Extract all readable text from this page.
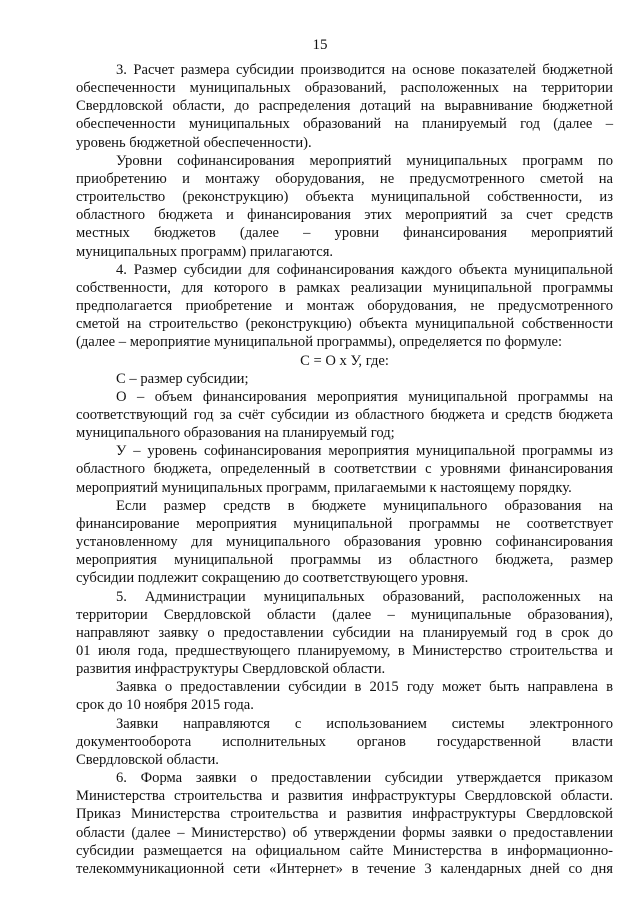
15
3. Расчет размера субсидии производится на основе показателей бюджетной
обеспеченности муниципальных образований, расположенных на территории
Свердловской области, до распределения дотаций на выравнивание бюджетной
обеспеченности муниципальных образований на планируемый год (далее –
уровень бюджетной обеспеченности).
Уровни софинансирования мероприятий муниципальных программ по
приобретению и монтажу оборудования, не предусмотренного сметой на
строительство (реконструкцию) объекта муниципальной собственности, из
областного бюджета и финансирования этих мероприятий за счет средств
местных бюджетов (далее – уровни финансирования мероприятий
муниципальных программ) прилагаются.
4. Размер субсидии для софинансирования каждого объекта муниципальной
собственности, для которого в рамках реализации муниципальной программы
предполагается приобретение и монтаж оборудования, не предусмотренного
сметой на строительство (реконструкцию) объекта муниципальной собственности
(далее – мероприятие муниципальной программы), определяется по формуле:
С = О х У, где:
С – размер субсидии;
О – объем финансирования мероприятия муниципальной программы на
соответствующий год за счёт субсидии из областного бюджета и средств бюджета
муниципального образования на планируемый год;
У – уровень софинансирования мероприятия муниципальной программы из
областного бюджета, определенный в соответствии с уровнями финансирования
мероприятий муниципальных программ, прилагаемыми к настоящему порядку.
Если размер средств в бюджете муниципального образования на
финансирование мероприятия муниципальной программы не соответствует
установленному для муниципального образования уровню софинансирования
мероприятия муниципальной программы из областного бюджета, размер
субсидии подлежит сокращению до соответствующего уровня.
5. Администрации муниципальных образований, расположенных на
территории Свердловской области (далее – муниципальные образования),
направляют заявку о предоставлении субсидии на планируемый год в срок до
01 июля года, предшествующего планируемому, в Министерство строительства и
развития инфраструктуры Свердловской области.
Заявка о предоставлении субсидии в 2015 году может быть направлена в
срок до 10 ноября 2015 года.
Заявки направляются с использованием системы электронного
документооборота исполнительных органов государственной власти
Свердловской области.
6. Форма заявки о предоставлении субсидии утверждается приказом
Министерства строительства и развития инфраструктуры Свердловской области.
Приказ Министерства строительства и развития инфраструктуры Свердловской
области (далее – Министерство) об утверждении формы заявки о предоставлении
субсидии размещается на официальном сайте Министерства в информационно-
телекоммуникационной сети «Интернет» в течение 3 календарных дней со дня
